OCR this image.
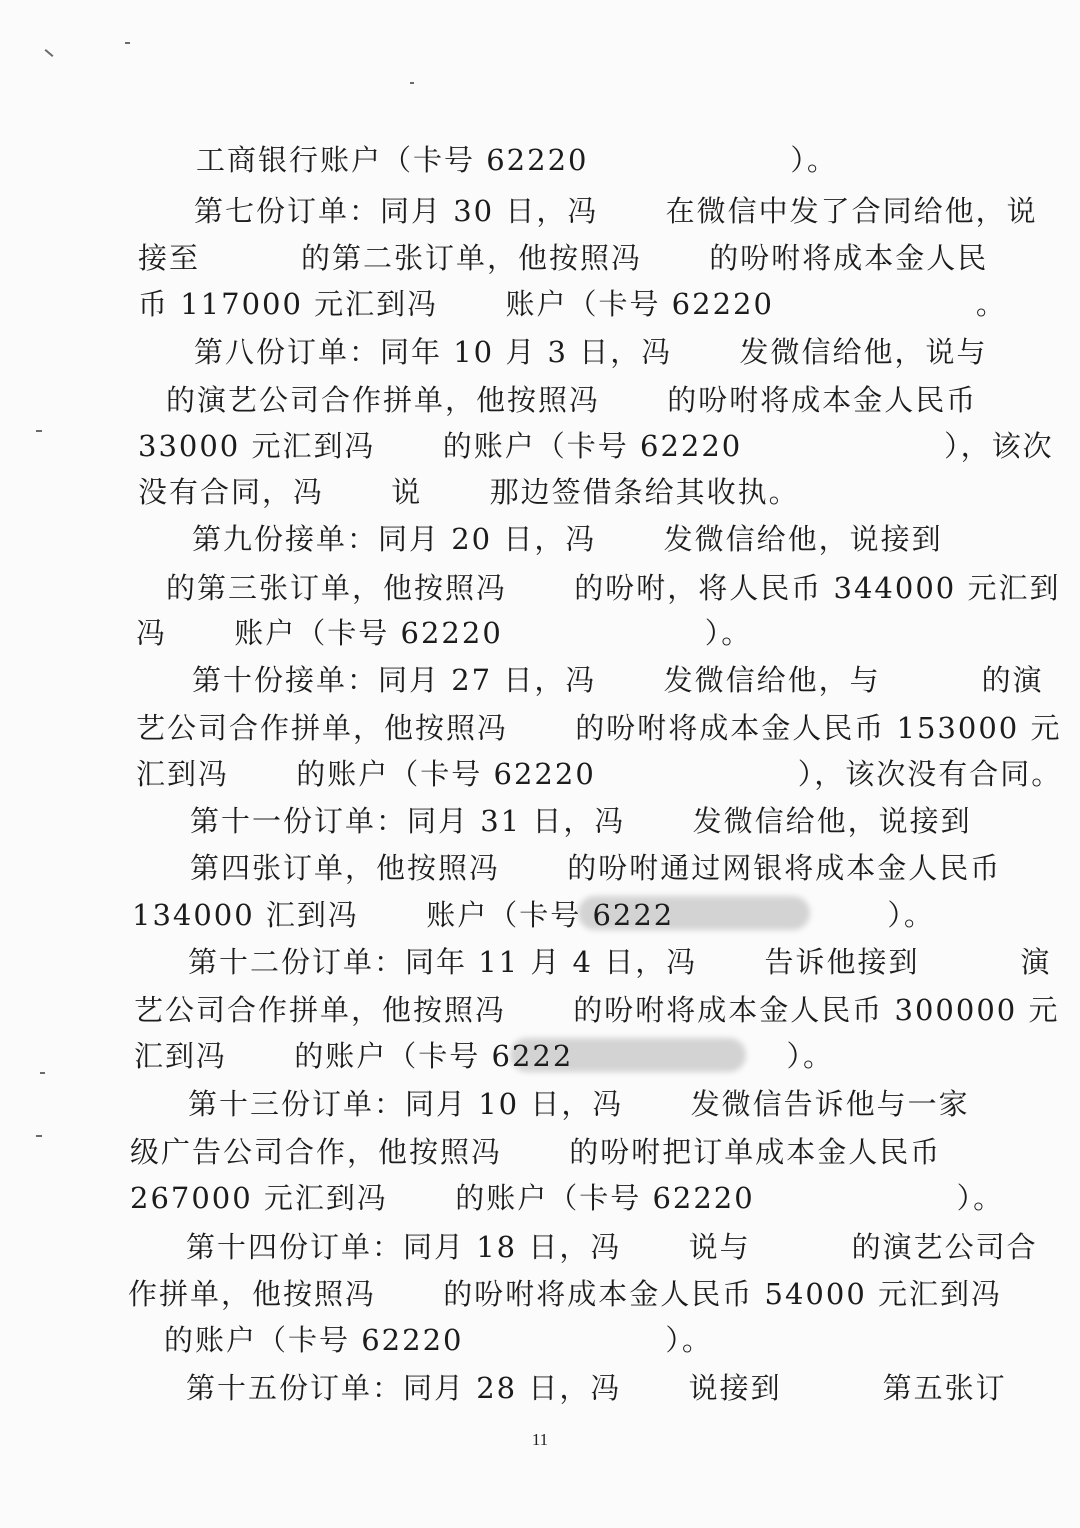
工商银行账户（卡号 62220                  ）。
第七份订单：同月 30 日，冯      在微信中发了合同给他，说
接至         的第二张订单，他按照冯      的吩咐将成本金人民
币 117000 元汇到冯      账户（卡号 62220                  。
第八份订单：同年 10 月 3 日，冯      发微信给他，说与
的演艺公司合作拼单，他按照冯      的吩咐将成本金人民币
33000 元汇到冯      的账户（卡号 62220                  ），该次
没有合同，冯      说      那边签借条给其收执。
第九份接单：同月 20 日，冯      发微信给他，说接到
的第三张订单，他按照冯      的吩咐，将人民币 344000 元汇到
冯      账户（卡号 62220                  ）。
第十份接单：同月 27 日，冯      发微信给他，与         的演
艺公司合作拼单，他按照冯      的吩咐将成本金人民币 153000 元
汇到冯      的账户（卡号 62220                  ），该次没有合同。
第十一份订单：同月 31 日，冯      发微信给他，说接到
第四张订单，他按照冯      的吩咐通过网银将成本金人民币
134000 汇到冯      账户（卡号 6222                   ）。
第十二份订单：同年 11 月 4 日，冯      告诉他接到         演
艺公司合作拼单，他按照冯      的吩咐将成本金人民币 300000 元
汇到冯      的账户（卡号 6222                   ）。
第十三份订单：同月 10 日，冯      发微信告诉他与一家
级广告公司合作，他按照冯      的吩咐把订单成本金人民币
267000 元汇到冯      的账户（卡号 62220                  ）。
第十四份订单：同月 18 日，冯      说与         的演艺公司合
作拼单，他按照冯      的吩咐将成本金人民币 54000 元汇到冯
的账户（卡号 62220                  ）。
第十五份订单：同月 28 日，冯      说接到         第五张订
11
